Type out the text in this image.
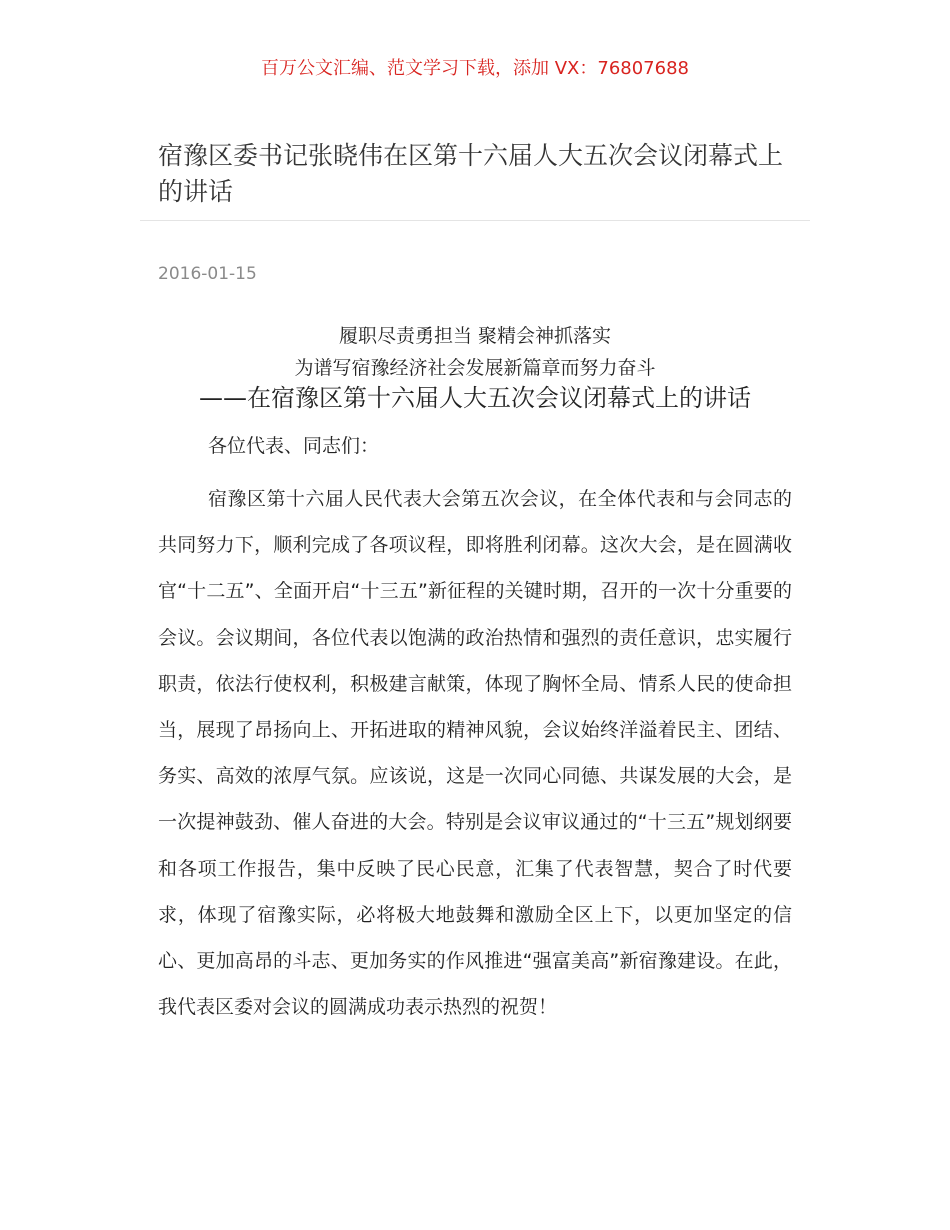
百万公文汇编、范文学习下载，添加 VX：76807688
宿豫区委书记张晓伟在区第十六届人大五次会议闭幕式上的讲话
2016-01-15
履职尽责勇担当 聚精会神抓落实
为谱写宿豫经济社会发展新篇章而努力奋斗
——在宿豫区第十六届人大五次会议闭幕式上的讲话
各位代表、同志们：

宿豫区第十六届人民代表大会第五次会议，在全体代表和与会同志的共同努力下，顺利完成了各项议程，即将胜利闭幕。这次大会，是在圆满收官“十二五”、全面开启“十三五”新征程的关键时期，召开的一次十分重要的会议。会议期间，各位代表以饱满的政治热情和强烈的责任意识，忠实履行职责，依法行使权利，积极建言献策，体现了胸怀全局、情系人民的使命担当，展现了昂扬向上、开拓进取的精神风貌，会议始终洋溢着民主、团结、务实、高效的浓厚气氛。应该说，这是一次同心同德、共谋发展的大会，是一次提神鼓劲、催人奋进的大会。特别是会议审议通过的“十三五”规划纲要和各项工作报告，集中反映了民心民意，汇集了代表智慧，契合了时代要求，体现了宿豫实际，必将极大地鼓舞和激励全区上下，以更加坚定的信心、更加高昂的斗志、更加务实的作风推进“强富美高”新宿豫建设。在此，我代表区委对会议的圆满成功表示热烈的祝贺！
